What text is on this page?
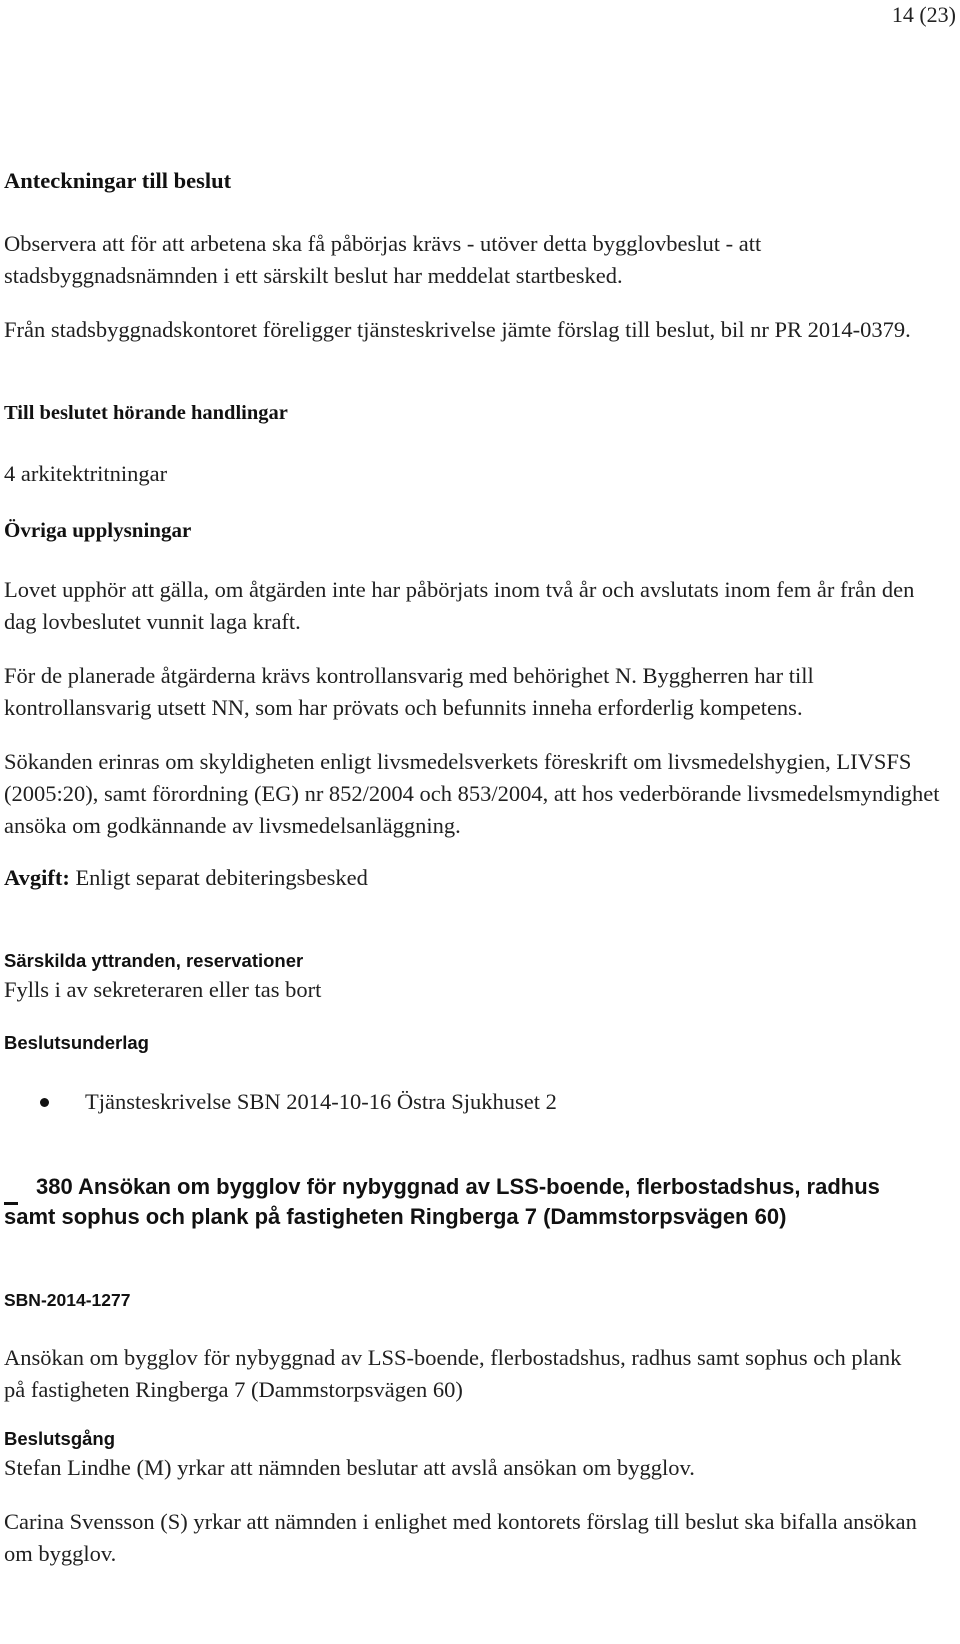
14 (23)
Anteckningar till beslut

Observera att för att arbetena ska få påbörjas krävs - utöver detta bygglovbeslut - att stadsbyggnadsnämnden i ett särskilt beslut har meddelat startbesked.

Från stadsbyggnadskontoret föreligger tjänsteskrivelse jämte förslag till beslut, bil nr PR 2014-0379.

Till beslutet hörande handlingar

4 arkitektritningar

Övriga upplysningar

Lovet upphör att gälla, om åtgärden inte har påbörjats inom två år och avslutats inom fem år från den dag lovbeslutet vunnit laga kraft.

För de planerade åtgärderna krävs kontrollansvarig med behörighet N. Byggherren har till kontrollansvarig utsett NN, som har prövats och befunnits inneha erforderlig kompetens.

Sökanden erinras om skyldigheten enligt livsmedelsverkets föreskrift om livsmedelshygien, LIVSFS (2005:20), samt förordning (EG) nr 852/2004 och 853/2004, att hos vederbörande livsmedelsmyndighet ansöka om godkännande av livsmedelsanläggning.

Avgift: Enligt separat debiteringsbesked

Särskilda yttranden, reservationer

Fylls i av sekreteraren eller tas bort

Beslutsunderlag
Tjänsteskrivelse SBN 2014-10-16 Östra Sjukhuset 2
380 Ansökan om bygglov för nybyggnad av LSS-boende, flerbostadshus, radhus samt sophus och plank på fastigheten Ringberga 7 (Dammstorpsvägen 60)
SBN-2014-1277

Ansökan om bygglov för nybyggnad av LSS-boende, flerbostadshus, radhus samt sophus och plank på fastigheten Ringberga 7 (Dammstorpsvägen 60)

Beslutsgång

Stefan Lindhe (M) yrkar att nämnden beslutar att avslå ansökan om bygglov.

Carina Svensson (S) yrkar att nämnden i enlighet med kontorets förslag till beslut ska bifalla ansökan om bygglov.
